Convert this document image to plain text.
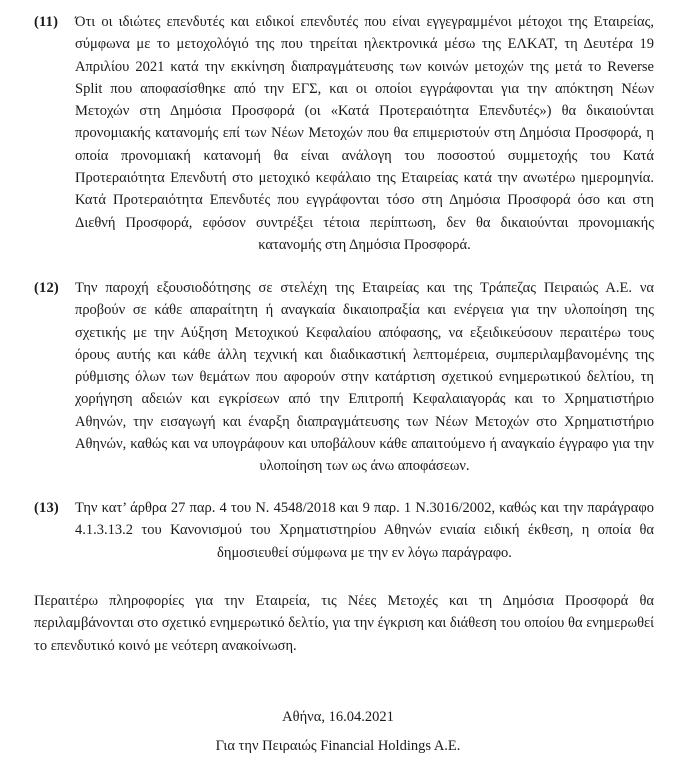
(11) Ότι οι ιδιώτες επενδυτές και ειδικοί επενδυτές που είναι εγγεγραμμένοι μέτοχοι της Εταιρείας, σύμφωνα με το μετοχολόγιό της που τηρείται ηλεκτρονικά μέσω της ΕΛΚΑΤ, τη Δευτέρα 19 Απριλίου 2021 κατά την εκκίνηση διαπραγμάτευσης των κοινών μετοχών της μετά το Reverse Split που αποφασίσθηκε από την ΕΓΣ, και οι οποίοι εγγράφονται για την απόκτηση Νέων Μετοχών στη Δημόσια Προσφορά (οι «Κατά Προτεραιότητα Επενδυτές») θα δικαιούνται προνομιακής κατανομής επί των Νέων Μετοχών που θα επιμεριστούν στη Δημόσια Προσφορά, η οποία προνομιακή κατανομή θα είναι ανάλογη του ποσοστού συμμετοχής του Κατά Προτεραιότητα Επενδυτή στο μετοχικό κεφάλαιο της Εταιρείας κατά την ανωτέρω ημερομηνία. Κατά Προτεραιότητα Επενδυτές που εγγράφονται τόσο στη Δημόσια Προσφορά όσο και στη Διεθνή Προσφορά, εφόσον συντρέξει τέτοια περίπτωση, δεν θα δικαιούνται προνομιακής κατανομής στη Δημόσια Προσφορά.
(12) Την παροχή εξουσιοδότησης σε στελέχη της Εταιρείας και της Τράπεζας Πειραιώς Α.Ε. να προβούν σε κάθε απαραίτητη ή αναγκαία δικαιοπραξία και ενέργεια για την υλοποίηση της σχετικής με την Αύξηση Μετοχικού Κεφαλαίου απόφασης, να εξειδικεύσουν περαιτέρω τους όρους αυτής και κάθε άλλη τεχνική και διαδικαστική λεπτομέρεια, συμπεριλαμβανομένης της ρύθμισης όλων των θεμάτων που αφορούν στην κατάρτιση σχετικού ενημερωτικού δελτίου, τη χορήγηση αδειών και εγκρίσεων από την Επιτροπή Κεφαλαιαγοράς και το Χρηματιστήριο Αθηνών, την εισαγωγή και έναρξη διαπραγμάτευσης των Νέων Μετοχών στο Χρηματιστήριο Αθηνών, καθώς και να υπογράφουν και υποβάλουν κάθε απαιτούμενο ή αναγκαίο έγγραφο για την υλοποίηση των ως άνω αποφάσεων.
(13) Την κατ’ άρθρα 27 παρ. 4 του Ν. 4548/2018 και 9 παρ. 1 Ν.3016/2002, καθώς και την παράγραφο 4.1.3.13.2 του Κανονισμού του Χρηματιστηρίου Αθηνών ενιαία ειδική έκθεση, η οποία θα δημοσιευθεί σύμφωνα με την εν λόγω παράγραφο.
Περαιτέρω πληροφορίες για την Εταιρεία, τις Νέες Μετοχές και τη Δημόσια Προσφορά θα περιλαμβάνονται στο σχετικό ενημερωτικό δελτίο, για την έγκριση και διάθεση του οποίου θα ενημερωθεί το επενδυτικό κοινό με νεότερη ανακοίνωση.
Αθήνα, 16.04.2021
Για την Πειραιώς Financial Holdings A.E.
